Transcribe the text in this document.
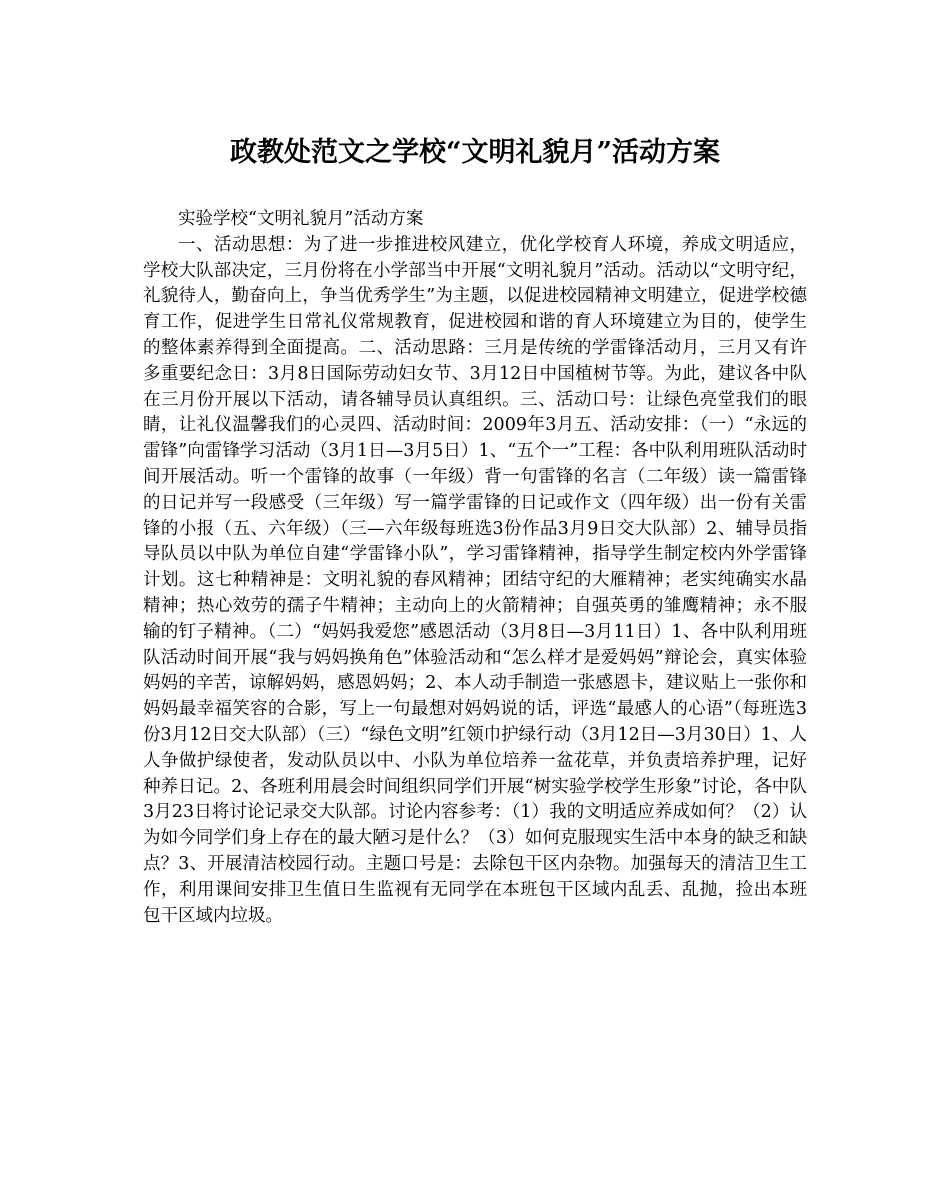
政教处范文之学校“文明礼貌月”活动方案

实验学校“文明礼貌月”活动方案

一、活动思想：为了进一步推进校风建立，优化学校育人环境，养成文明适应，学校大队部决定，三月份将在小学部当中开展“文明礼貌月”活动。活动以“文明守纪，礼貌待人，勤奋向上，争当优秀学生”为主题，以促进校园精神文明建立，促进学校德育工作，促进学生日常礼仪常规教育，促进校园和谐的育人环境建立为目的，使学生的整体素养得到全面提高。二、活动思路：三月是传统的学雷锋活动月，三月又有许多重要纪念日：3月8日国际劳动妇女节、3月12日中国植树节等。为此，建议各中队在三月份开展以下活动，请各辅导员认真组织。三、活动口号：让绿色亮堂我们的眼睛，让礼仪温馨我们的心灵四、活动时间：2009年3月五、活动安排：（一）“永远的雷锋”向雷锋学习活动（3月1日—3月5日）1、“五个一”工程：各中队利用班队活动时间开展活动。听一个雷锋的故事（一年级）背一句雷锋的名言（二年级）读一篇雷锋的日记并写一段感受（三年级）写一篇学雷锋的日记或作文（四年级）出一份有关雷锋的小报（五、六年级）（三—六年级每班选3份作品3月9日交大队部）2、辅导员指导队员以中队为单位自建“学雷锋小队”，学习雷锋精神，指导学生制定校内外学雷锋计划。这七种精神是：文明礼貌的春风精神；团结守纪的大雁精神；老实纯确实水晶精神；热心效劳的孺子牛精神；主动向上的火箭精神；自强英勇的雏鹰精神；永不服输的钉子精神。（二）“妈妈我爱您”感恩活动（3月8日—3月11日）1、各中队利用班队活动时间开展“我与妈妈换角色”体验活动和“怎么样才是爱妈妈”辩论会，真实体验妈妈的辛苦，谅解妈妈，感恩妈妈；2、本人动手制造一张感恩卡，建议贴上一张你和妈妈最幸福笑容的合影，写上一句最想对妈妈说的话，评选“最感人的心语”（每班选3份3月12日交大队部）（三）“绿色文明”红领巾护绿行动（3月12日—3月30日）1、人人争做护绿使者，发动队员以中、小队为单位培养一盆花草，并负责培养护理，记好种养日记。2、各班利用晨会时间组织同学们开展“树实验学校学生形象”讨论，各中队3月23日将讨论记录交大队部。讨论内容参考：（1）我的文明适应养成如何？（2）认为如今同学们身上存在的最大陋习是什么？（3）如何克服现实生活中本身的缺乏和缺点？3、开展清洁校园行动。主题口号是：去除包干区内杂物。加强每天的清洁卫生工作，利用课间安排卫生值日生监视有无同学在本班包干区域内乱丢、乱抛，捡出本班包干区域内垃圾。
